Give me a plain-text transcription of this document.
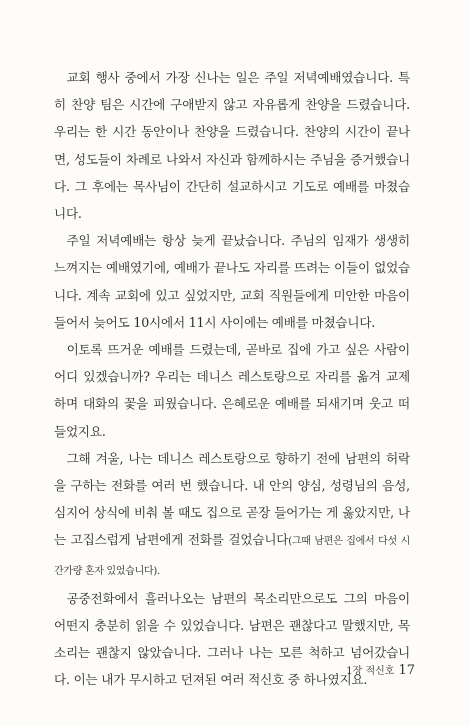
교회 행사 중에서 가장 신나는 일은 주일 저녁예배였습니다. 특히 찬양 팀은 시간에 구애받지 않고 자유롭게 찬양을 드렸습니다. 우리는 한 시간 동안이나 찬양을 드렸습니다. 찬양의 시간이 끝나면, 성도들이 차례로 나와서 자신과 함께하시는 주님을 증거했습니다. 그 후에는 목사님이 간단히 설교하시고 기도로 예배를 마쳤습니다.

주일 저녁예배는 항상 늦게 끝났습니다. 주님의 임재가 생생히 느껴지는 예배였기에, 예배가 끝나도 자리를 뜨려는 이들이 없었습니다. 계속 교회에 있고 싶었지만, 교회 직원들에게 미안한 마음이 들어서 늦어도 10시에서 11시 사이에는 예배를 마쳤습니다.

이토록 뜨거운 예배를 드렸는데, 곧바로 집에 가고 싶은 사람이 어디 있겠습니까? 우리는 데니스 레스토랑으로 자리를 옮겨 교제하며 대화의 꽃을 피웠습니다. 은혜로운 예배를 되새기며 웃고 떠들었지요.

그해 겨울, 나는 데니스 레스토랑으로 향하기 전에 남편의 허락을 구하는 전화를 여러 번 했습니다. 내 안의 양심, 성령님의 음성, 심지어 상식에 비춰 볼 때도 집으로 곧장 들어가는 게 옳았지만, 나는 고집스럽게 남편에게 전화를 걸었습니다(그때 남편은 집에서 다섯 시간가량 혼자 있었습니다).

공중전화에서 흘러나오는 남편의 목소리만으로도 그의 마음이 어떤지 충분히 읽을 수 있었습니다. 남편은 괜찮다고 말했지만, 목소리는 괜찮지 않았습니다. 그러나 나는 모른 척하고 넘어갔습니다. 이는 내가 무시하고 던져된 여러 적신호 중 하나였지요.

1장 적신호 17
